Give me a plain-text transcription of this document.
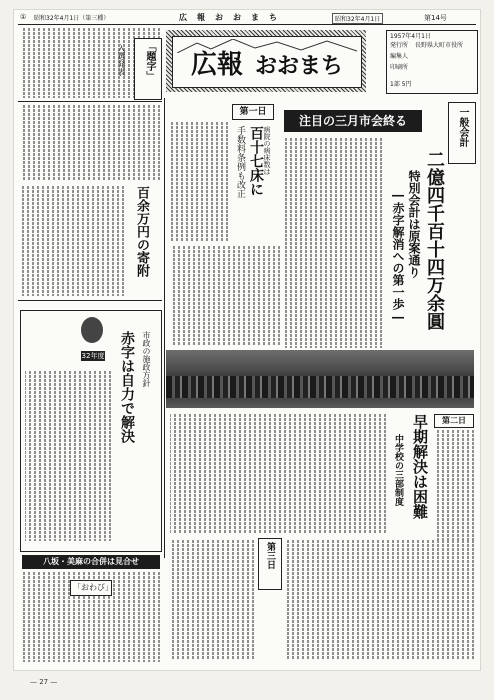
① 昭和32年4月1日（第三種）	広　報　お　お　ま　ち	昭和32年4月1日	第14号
広報 おおまち
1957年4月1日
発行所 長野県大町市役所
編集人
印刷所
1部 5円
「題字」
入選発表
百余万円の寄附
32年度	市政の施政方針
赤字は自力で解決
第一日
病院の病床数は
百十七床に
手数料条例も改正
注目の三月市会終る	一般会計
二億四千百十四万余圓
特別会計は原案通り
―赤字解消への第一歩―
第二日
早期解決は困難
中学校の三部制度
第三日
八坂・美麻の合併は見合せ
「おわび」
— 27 —
